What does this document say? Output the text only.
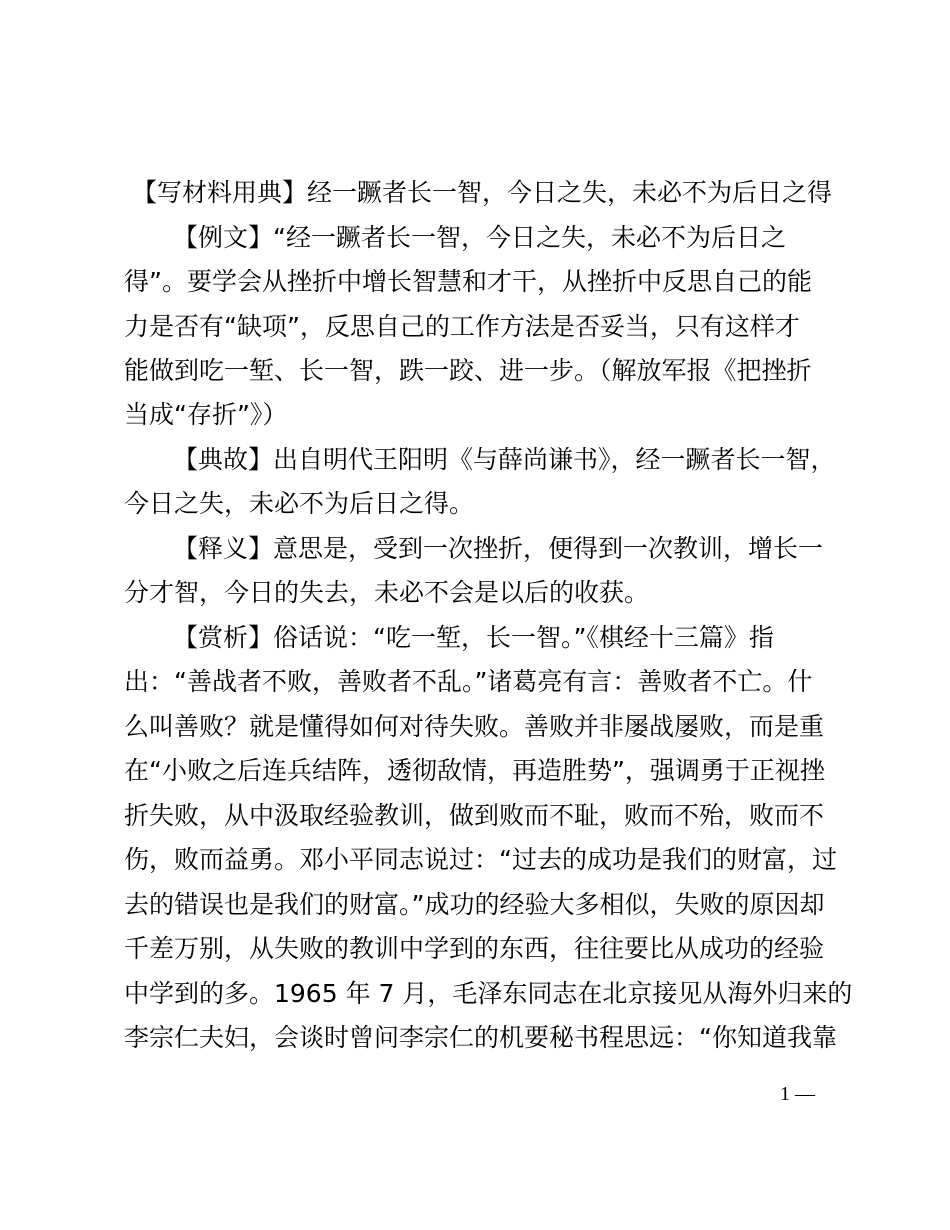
【写材料用典】经一蹶者长一智，今日之失，未必不为后日之得
【例文】“经一蹶者长一智，今日之失，未必不为后日之
得”。要学会从挫折中增长智慧和才干，从挫折中反思自己的能
力是否有“缺项”，反思自己的工作方法是否妥当，只有这样才
能做到吃一堑、长一智，跌一跤、进一步。（解放军报《把挫折
当成“存折”》）
【典故】出自明代王阳明《与薛尚谦书》，经一蹶者长一智，
今日之失，未必不为后日之得。
【释义】意思是，受到一次挫折，便得到一次教训，增长一
分才智，今日的失去，未必不会是以后的收获。
【赏析】俗话说：“吃一堑，长一智。”《棋经十三篇》指
出：“善战者不败，善败者不乱。”诸葛亮有言：善败者不亡。什
么叫善败？就是懂得如何对待失败。善败并非屡战屡败，而是重
在“小败之后连兵结阵，透彻敌情，再造胜势”，强调勇于正视挫
折失败，从中汲取经验教训，做到败而不耻，败而不殆，败而不
伤，败而益勇。邓小平同志说过：“过去的成功是我们的财富，过
去的错误也是我们的财富。”成功的经验大多相似，失败的原因却
千差万别，从失败的教训中学到的东西，往往要比从成功的经验
中学到的多。1965 年 7 月，毛泽东同志在北京接见从海外归来的
李宗仁夫妇，会谈时曾问李宗仁的机要秘书程思远：“你知道我靠
1 —
